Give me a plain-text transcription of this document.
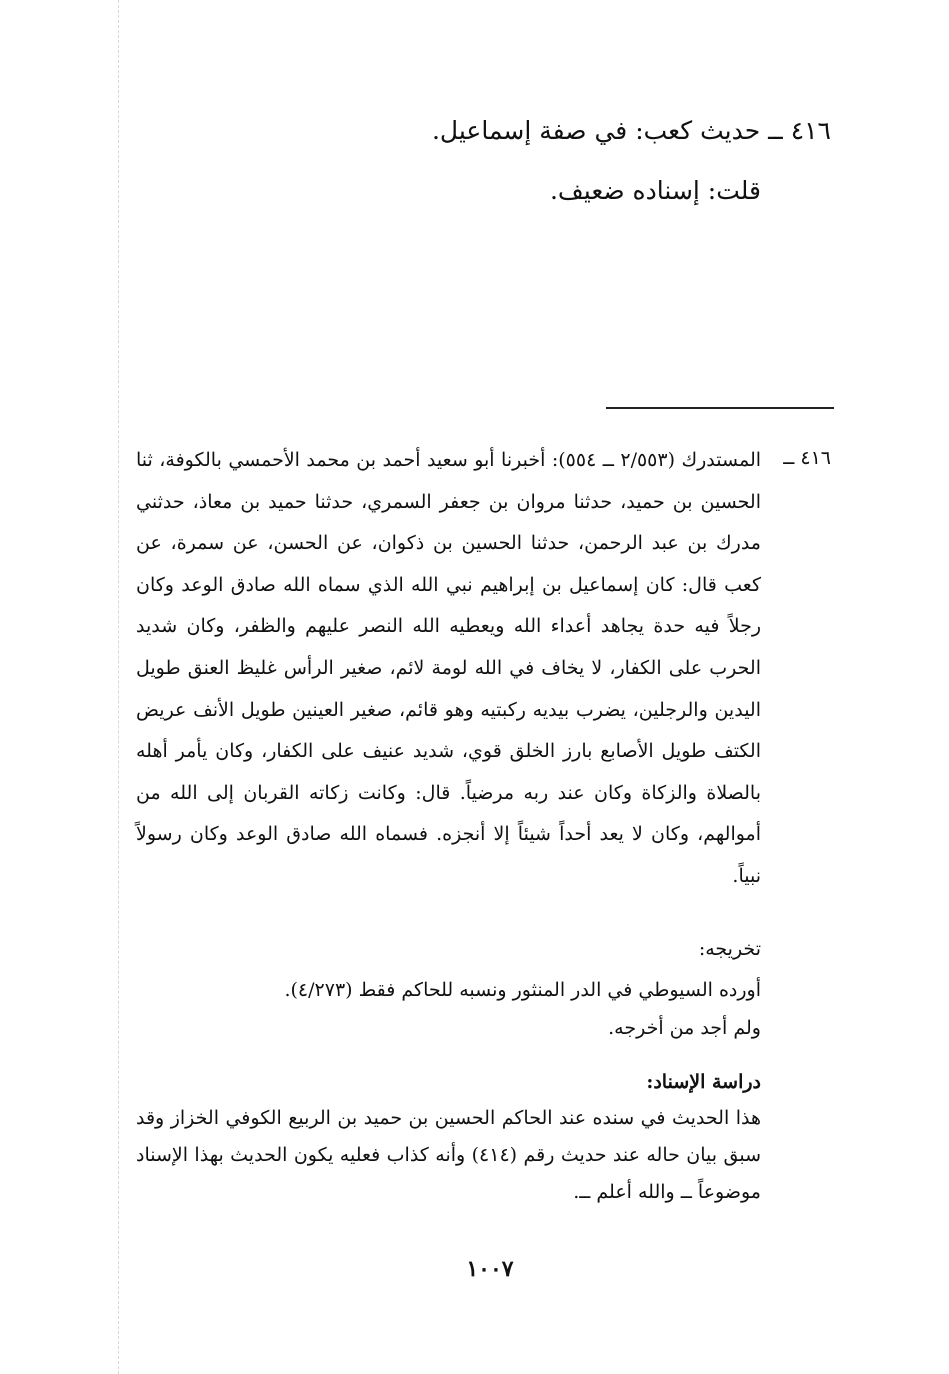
٤١٦ ــ حديث كعب: في صفة إسماعيل.
قلت: إسناده ضعيف.
٤١٦ ــ
المستدرك (٢/٥٥٣ ــ ٥٥٤): أخبرنا أبو سعيد أحمد بن محمد الأحمسي بالكوفة، ثنا الحسين بن حميد، حدثنا مروان بن جعفر السمري، حدثنا حميد بن معاذ، حدثني مدرك بن عبد الرحمن، حدثنا الحسين بن ذكوان، عن الحسن، عن سمرة، عن كعب قال: كان إسماعيل بن إبراهيم نبي الله الذي سماه الله صادق الوعد وكان رجلاً فيه حدة يجاهد أعداء الله ويعطيه الله النصر عليهم والظفر، وكان شديد الحرب على الكفار، لا يخاف في الله لومة لائم، صغير الرأس غليظ العنق طويل اليدين والرجلين، يضرب بيديه ركبتيه وهو قائم، صغير العينين طويل الأنف عريض الكتف طويل الأصابع بارز الخلق قوي، شديد عنيف على الكفار، وكان يأمر أهله بالصلاة والزكاة وكان عند ربه مرضياً. قال: وكانت زكاته القربان إلى الله من أموالهم، وكان لا يعد أحداً شيئاً إلا أنجزه. فسماه الله صادق الوعد وكان رسولاً نبياً.
تخريجه:
أورده السيوطي في الدر المنثور ونسبه للحاكم فقط (٤/٢٧٣).
ولم أجد من أخرجه.
دراسة الإسناد:
هذا الحديث في سنده عند الحاكم الحسين بن حميد بن الربيع الكوفي الخزاز وقد سبق بيان حاله عند حديث رقم (٤١٤) وأنه كذاب فعليه يكون الحديث بهذا الإسناد موضوعاً ــ والله أعلم ــ.
١٠٠٧
